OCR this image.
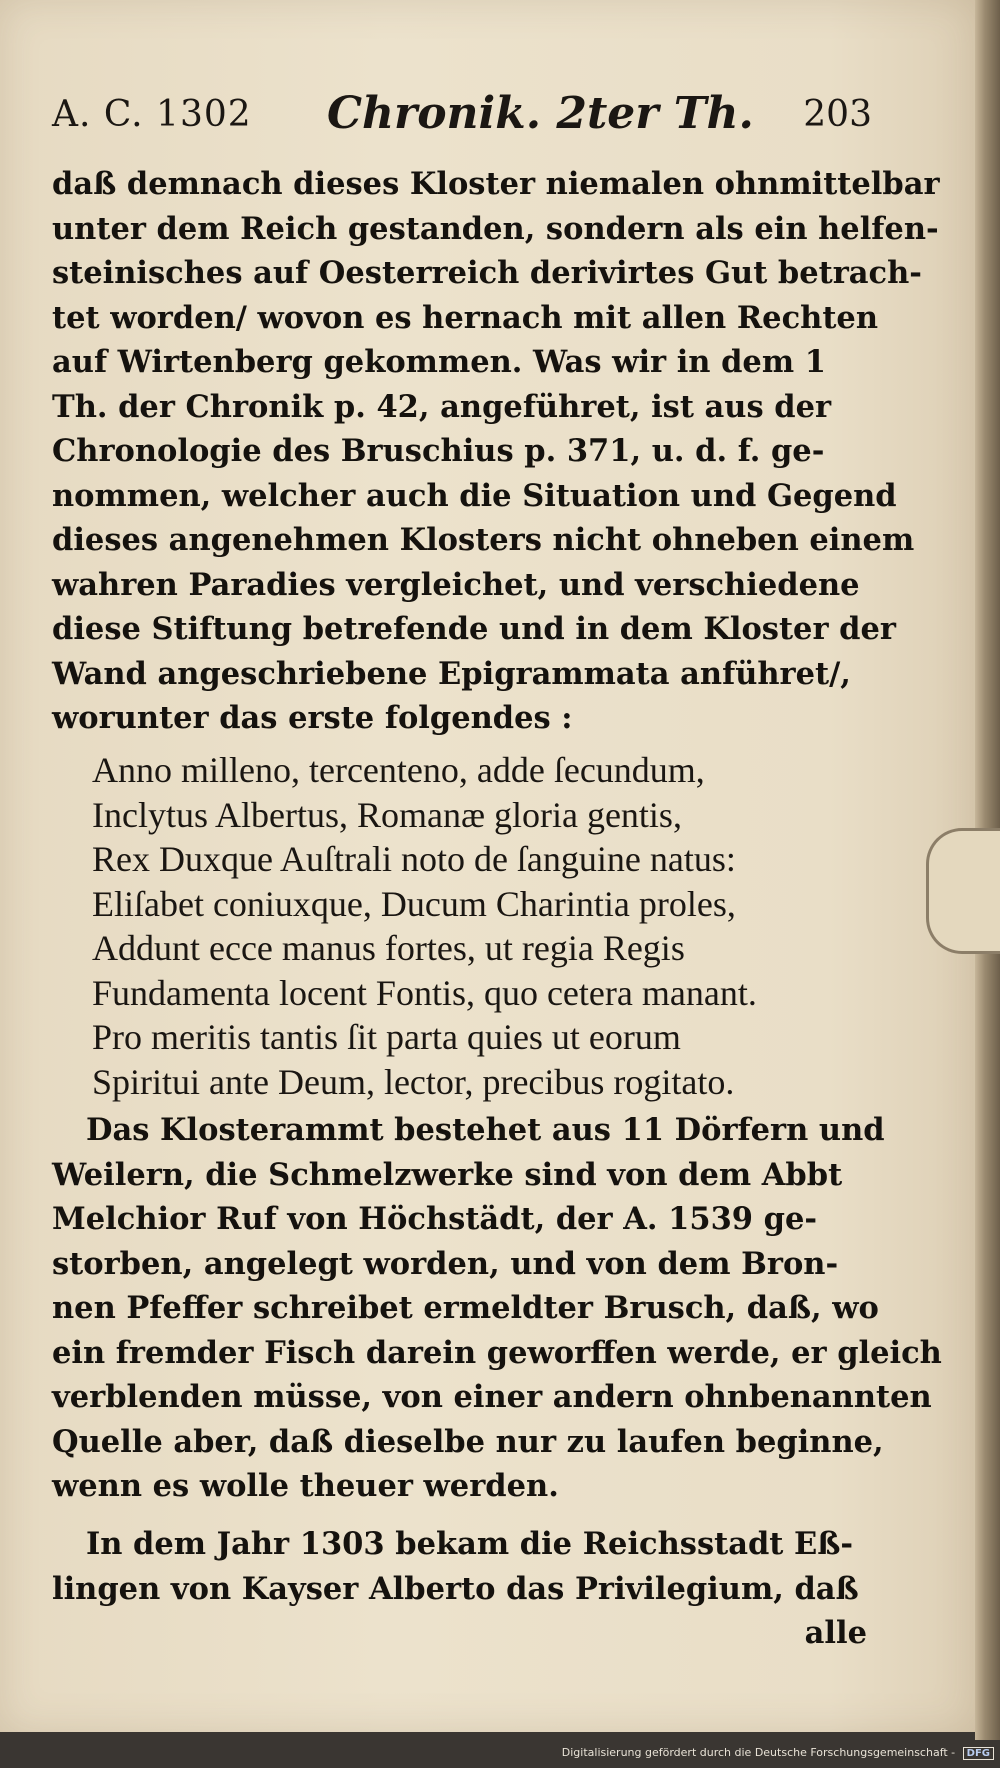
A. C. 1302 Chronik. 2ter Th. 203
daß demnach dieses Kloster niemalen ohnmittelbar
unter dem Reich gestanden, sondern als ein helfen-
steinisches auf Oesterreich derivirtes Gut betrach-
tet worden/ wovon es hernach mit allen Rechten
auf Wirtenberg gekommen. Was wir in dem 1
Th. der Chronik p. 42, angeführet, ist aus der
Chronologie des Bruschius p. 371, u. d. f. ge-
nommen, welcher auch die Situation und Gegend
dieses angenehmen Klosters nicht ohneben einem
wahren Paradies vergleichet, und verschiedene
diese Stiftung betrefende und in dem Kloster der
Wand angeschriebene Epigrammata anführet/,
worunter das erste folgendes :
Anno milleno, tercenteno, adde ſecundum,
Inclytus Albertus, Romanæ gloria gentis,
Rex Duxque Auſtrali noto de ſanguine natus:
Eliſabet coniuxque, Ducum Charintia proles,
Addunt ecce manus fortes, ut regia Regis
Fundamenta locent Fontis, quo cetera manant.
Pro meritis tantis ſit parta quies ut eorum
Spiritui ante Deum, lector, precibus rogitato.
Das Klosterammt bestehet aus 11 Dörfern und
Weilern, die Schmelzwerke sind von dem Abbt
Melchior Ruf von Höchstädt, der A. 1539 ge-
storben, angelegt worden, und von dem Bron-
nen Pfeffer schreibet ermeldter Brusch, daß, wo
ein fremder Fisch darein geworffen werde, er gleich
verblenden müsse, von einer andern ohnbenannten
Quelle aber, daß dieselbe nur zu laufen beginne,
wenn es wolle theuer werden.
In dem Jahr 1303 bekam die Reichsstadt Eß-
lingen von Kayser Alberto das Privilegium, daß
alle
Digitalisierung gefördert durch die Deutsche Forschungsgemeinschaft - DFG
